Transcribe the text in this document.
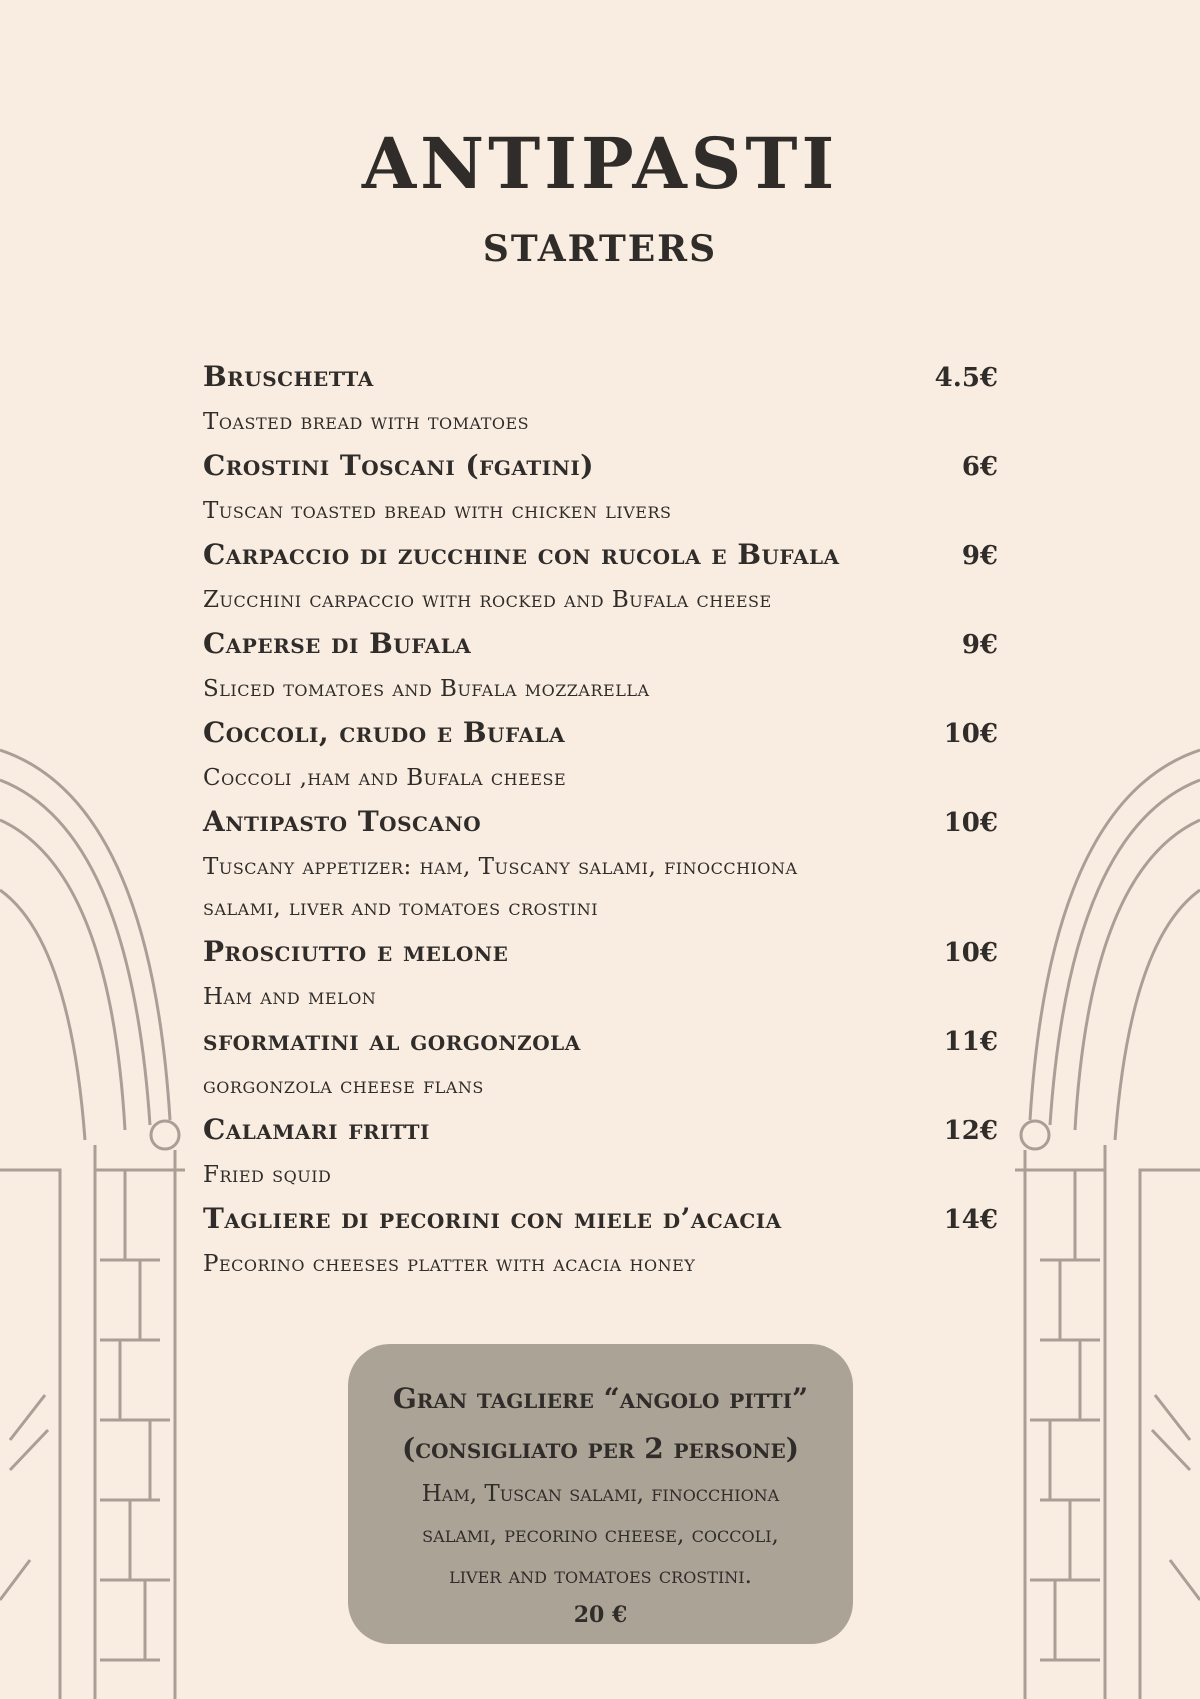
ANTIPASTI
STARTERS
Bruschetta	4.5€
Toasted bread with tomatoes
Crostini Toscani (fgatini)	6€
Tuscan toasted bread with chicken livers
Carpaccio di zucchine con rucola e Bufala	9€
Zucchini carpaccio with rocked and Bufala cheese
Caperse di Bufala	9€
Sliced tomatoes and Bufala mozzarella
Coccoli, crudo e Bufala	10€
Coccoli ,ham and Bufala cheese
Antipasto Toscano	10€
Tuscany appetizer: ham, Tuscany salami, finocchiona
salami, liver and tomatoes crostini
Prosciutto e melone	10€
Ham and melon
sformatini al gorgonzola	11€
gorgonzola cheese flans
Calamari fritti	12€
Fried squid
Tagliere di pecorini con miele d’acacia	14€
Pecorino cheeses platter with acacia honey
Gran tagliere “angolo pitti”
(consigliato per 2 persone)
Ham, Tuscan salami, finocchiona
salami, pecorino cheese, coccoli,
liver and tomatoes crostini.
20 €
